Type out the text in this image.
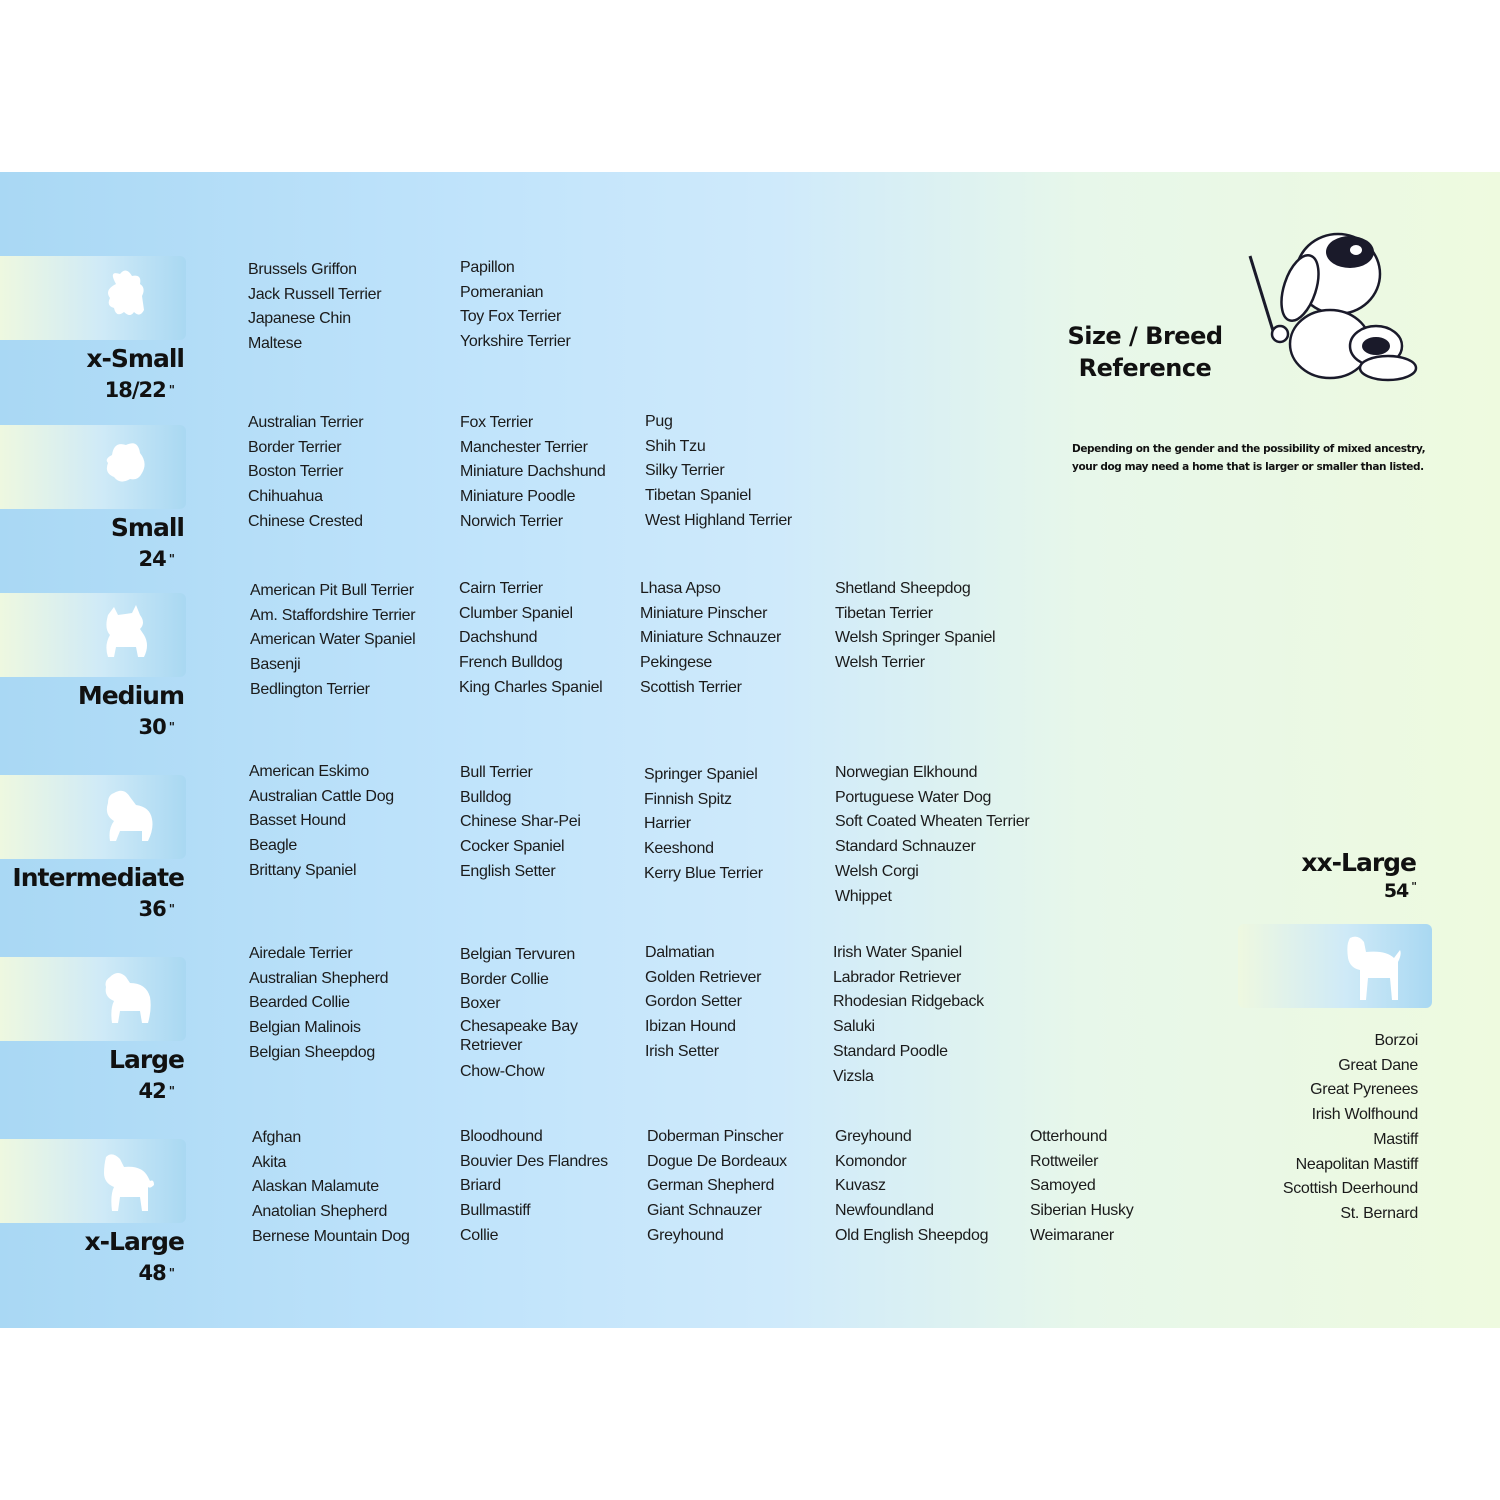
Size / Breed
Reference
Depending on the gender and the possibility of mixed ancestry,
your dog may need a home that is larger or smaller than listed.
x-Small
18/22 "
Brussels Griffon
Jack Russell Terrier
Japanese Chin
Maltese
Papillon
Pomeranian
Toy Fox Terrier
Yorkshire Terrier
Small
24 "
Australian Terrier
Border Terrier
Boston Terrier
Chihuahua
Chinese Crested
Fox Terrier
Manchester Terrier
Miniature Dachshund
Miniature Poodle
Norwich Terrier
Pug
Shih Tzu
Silky Terrier
Tibetan Spaniel
West Highland Terrier
Medium
30 "
American Pit Bull Terrier
Am. Staffordshire Terrier
American Water Spaniel
Basenji
Bedlington Terrier
Cairn Terrier
Clumber Spaniel
Dachshund
French Bulldog
King Charles Spaniel
Lhasa Apso
Miniature Pinscher
Miniature Schnauzer
Pekingese
Scottish Terrier
Shetland Sheepdog
Tibetan Terrier
Welsh Springer Spaniel
Welsh Terrier
Intermediate
36 "
American Eskimo
Australian Cattle Dog
Basset Hound
Beagle
Brittany Spaniel
Bull Terrier
Bulldog
Chinese Shar-Pei
Cocker Spaniel
English Setter
Springer Spaniel
Finnish Spitz
Harrier
Keeshond
Kerry Blue Terrier
Norwegian Elkhound
Portuguese Water Dog
Soft Coated Wheaten Terrier
Standard Schnauzer
Welsh Corgi
Whippet
Large
42 "
Airedale Terrier
Australian Shepherd
Bearded Collie
Belgian Malinois
Belgian Sheepdog
Belgian Tervuren
Border Collie
Boxer
Chesapeake Bay Retriever
Chow-Chow
Dalmatian
Golden Retriever
Gordon Setter
Ibizan Hound
Irish Setter
Irish Water Spaniel
Labrador Retriever
Rhodesian Ridgeback
Saluki
Standard Poodle
Vizsla
x-Large
48 "
Afghan
Akita
Alaskan Malamute
Anatolian Shepherd
Bernese Mountain Dog
Bloodhound
Bouvier Des Flandres
Briard
Bullmastiff
Collie
Doberman Pinscher
Dogue De Bordeaux
German Shepherd
Giant Schnauzer
Greyhound
Greyhound
Komondor
Kuvasz
Newfoundland
Old English Sheepdog
Otterhound
Rottweiler
Samoyed
Siberian Husky
Weimaraner
xx-Large
54 "
Borzoi
Great Dane
Great Pyrenees
Irish Wolfhound
Mastiff
Neapolitan Mastiff
Scottish Deerhound
St. Bernard
